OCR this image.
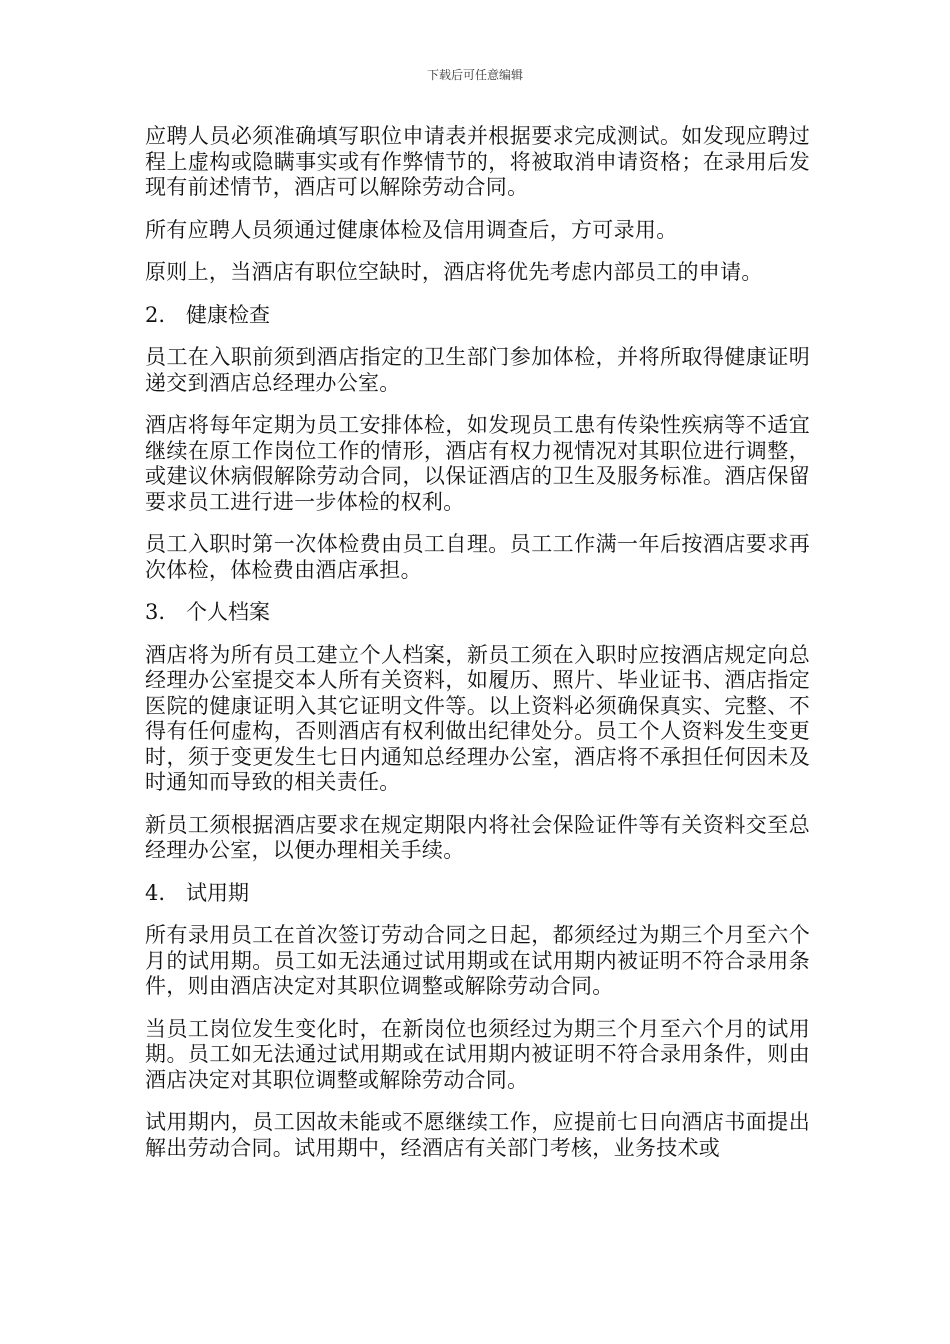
下载后可任意编辑

应聘人员必须准确填写职位申请表并根据要求完成测试。如发现应聘过程上虚构或隐瞒事实或有作弊情节的，将被取消申请资格；在录用后发现有前述情节，酒店可以解除劳动合同。

所有应聘人员须通过健康体检及信用调查后，方可录用。

原则上，当酒店有职位空缺时，酒店将优先考虑内部员工的申请。

2.　健康检查

员工在入职前须到酒店指定的卫生部门参加体检，并将所取得健康证明递交到酒店总经理办公室。

酒店将每年定期为员工安排体检，如发现员工患有传染性疾病等不适宜继续在原工作岗位工作的情形，酒店有权力视情况对其职位进行调整，或建议休病假解除劳动合同，以保证酒店的卫生及服务标准。酒店保留要求员工进行进一步体检的权利。

员工入职时第一次体检费由员工自理。员工工作满一年后按酒店要求再次体检，体检费由酒店承担。

3.　个人档案

酒店将为所有员工建立个人档案，新员工须在入职时应按酒店规定向总经理办公室提交本人所有关资料，如履历、照片、毕业证书、酒店指定医院的健康证明入其它证明文件等。以上资料必须确保真实、完整、不得有任何虚构，否则酒店有权利做出纪律处分。员工个人资料发生变更时，须于变更发生七日内通知总经理办公室，酒店将不承担任何因未及时通知而导致的相关责任。

新员工须根据酒店要求在规定期限内将社会保险证件等有关资料交至总经理办公室，以便办理相关手续。

4.　试用期

所有录用员工在首次签订劳动合同之日起，都须经过为期三个月至六个月的试用期。员工如无法通过试用期或在试用期内被证明不符合录用条件，则由酒店决定对其职位调整或解除劳动合同。

当员工岗位发生变化时，在新岗位也须经过为期三个月至六个月的试用期。员工如无法通过试用期或在试用期内被证明不符合录用条件，则由酒店决定对其职位调整或解除劳动合同。

试用期内，员工因故未能或不愿继续工作，应提前七日向酒店书面提出 解出劳动合同。试用期中，经酒店有关部门考核，业务技术或
